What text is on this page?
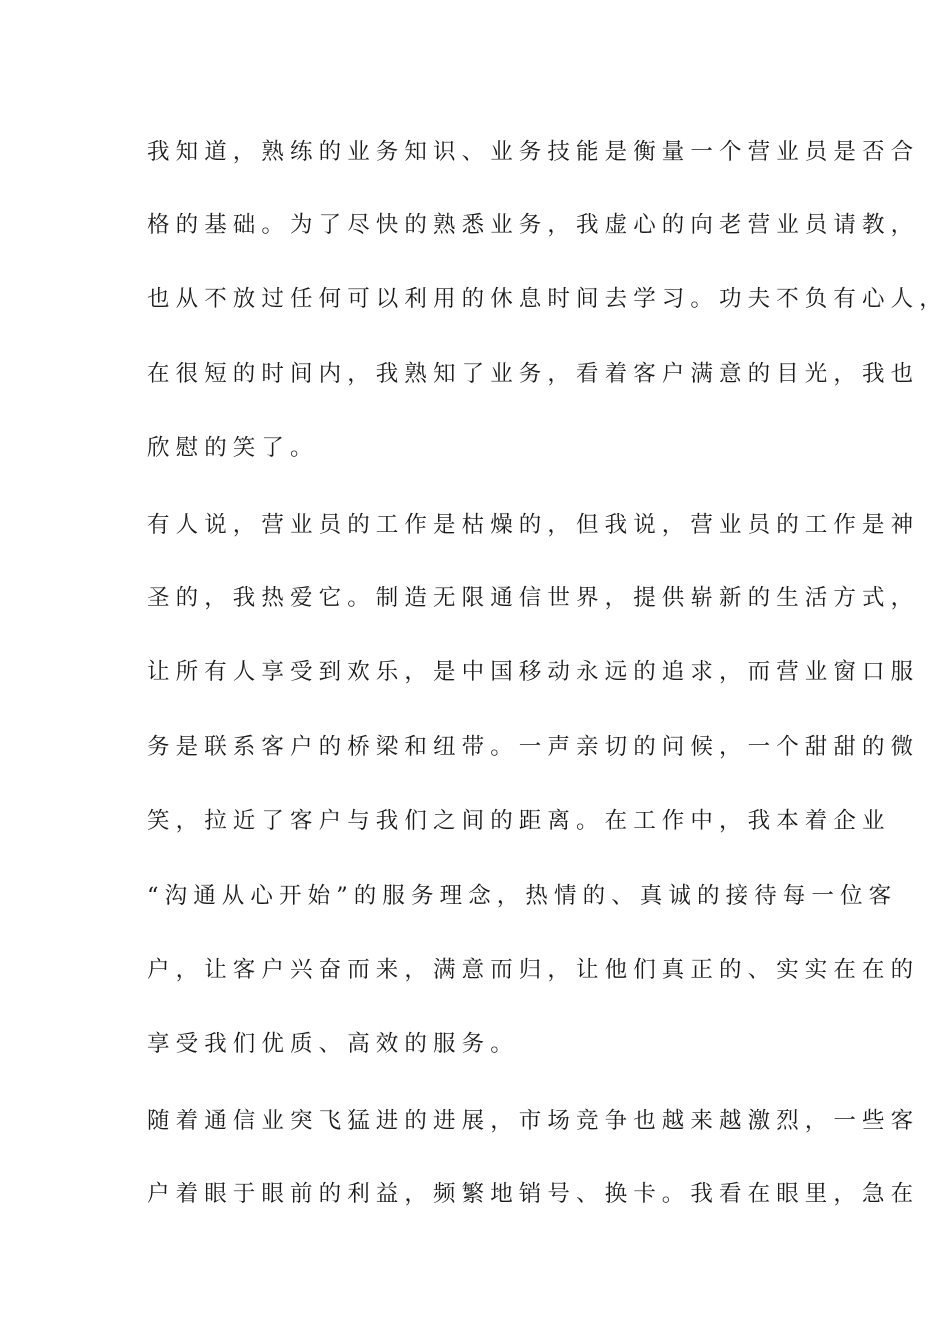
我知道，熟练的业务知识、业务技能是衡量一个营业员是否合
格的基础。为了尽快的熟悉业务，我虚心的向老营业员请教，
也从不放过任何可以利用的休息时间去学习。功夫不负有心人，
在很短的时间内，我熟知了业务，看着客户满意的目光，我也
欣慰的笑了。
有人说，营业员的工作是枯燥的，但我说，营业员的工作是神
圣的，我热爱它。制造无限通信世界，提供崭新的生活方式，
让所有人享受到欢乐，是中国移动永远的追求，而营业窗口服
务是联系客户的桥梁和纽带。一声亲切的问候，一个甜甜的微
笑，拉近了客户与我们之间的距离。在工作中，我本着企业
“沟通从心开始”的服务理念，热情的、真诚的接待每一位客
户，让客户兴奋而来，满意而归，让他们真正的、实实在在的
享受我们优质、高效的服务。
随着通信业突飞猛进的进展，市场竞争也越来越激烈，一些客
户着眼于眼前的利益，频繁地销号、换卡。我看在眼里，急在
